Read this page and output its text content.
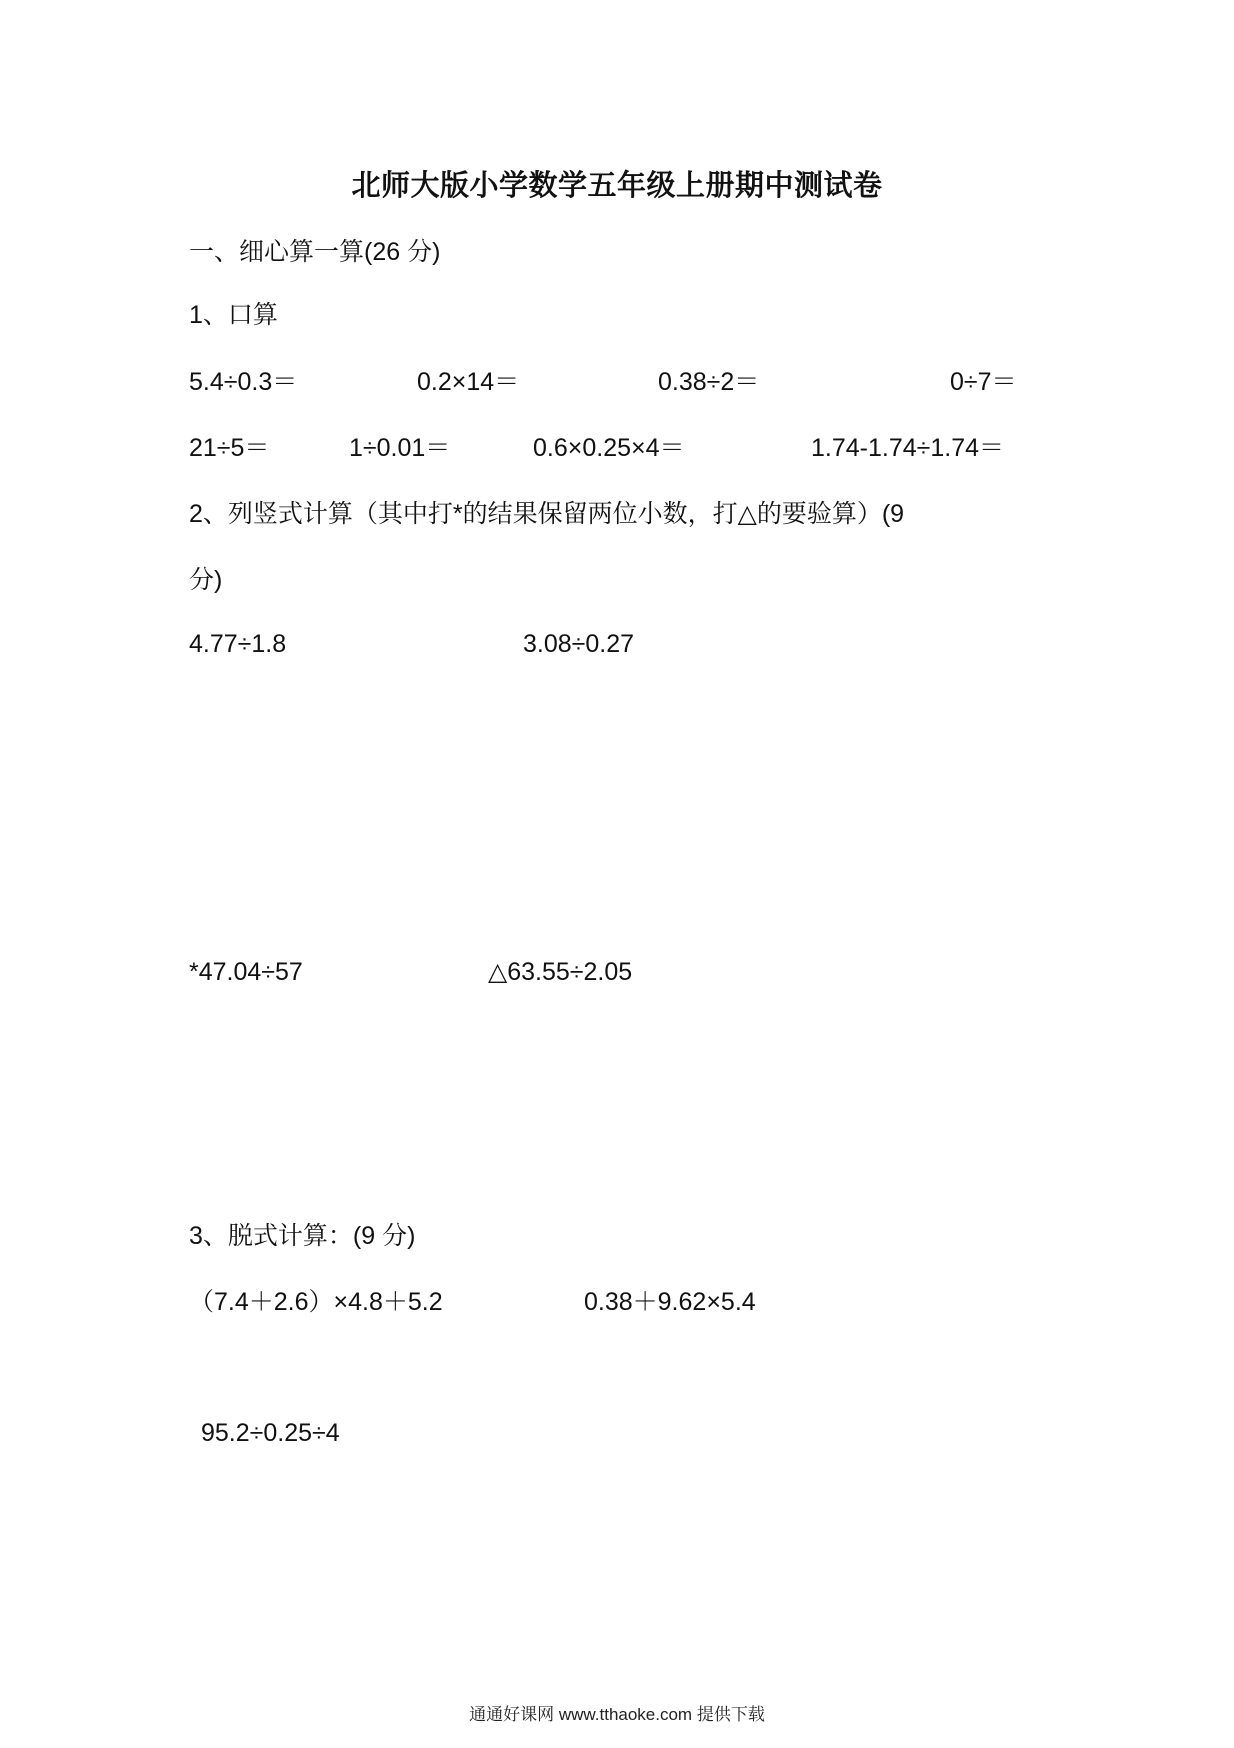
北师大版小学数学五年级上册期中测试卷
一、细心算一算(26 分)
1、口算
5.4÷0.3＝	0.2×14＝	0.38÷2＝	0÷7＝
21÷5＝	1÷0.01＝	0.6×0.25×4＝	1.74-1.74÷1.74＝
2、列竖式计算（其中打*的结果保留两位小数，打△的要验算）(9
分)
4.77÷1.8	3.08÷0.27
*47.04÷57	△63.55÷2.05
3、脱式计算：(9 分)
（7.4＋2.6）×4.8＋5.2	0.38＋9.62×5.4
95.2÷0.25÷4
通通好课网 www.tthaoke.com 提供下载
